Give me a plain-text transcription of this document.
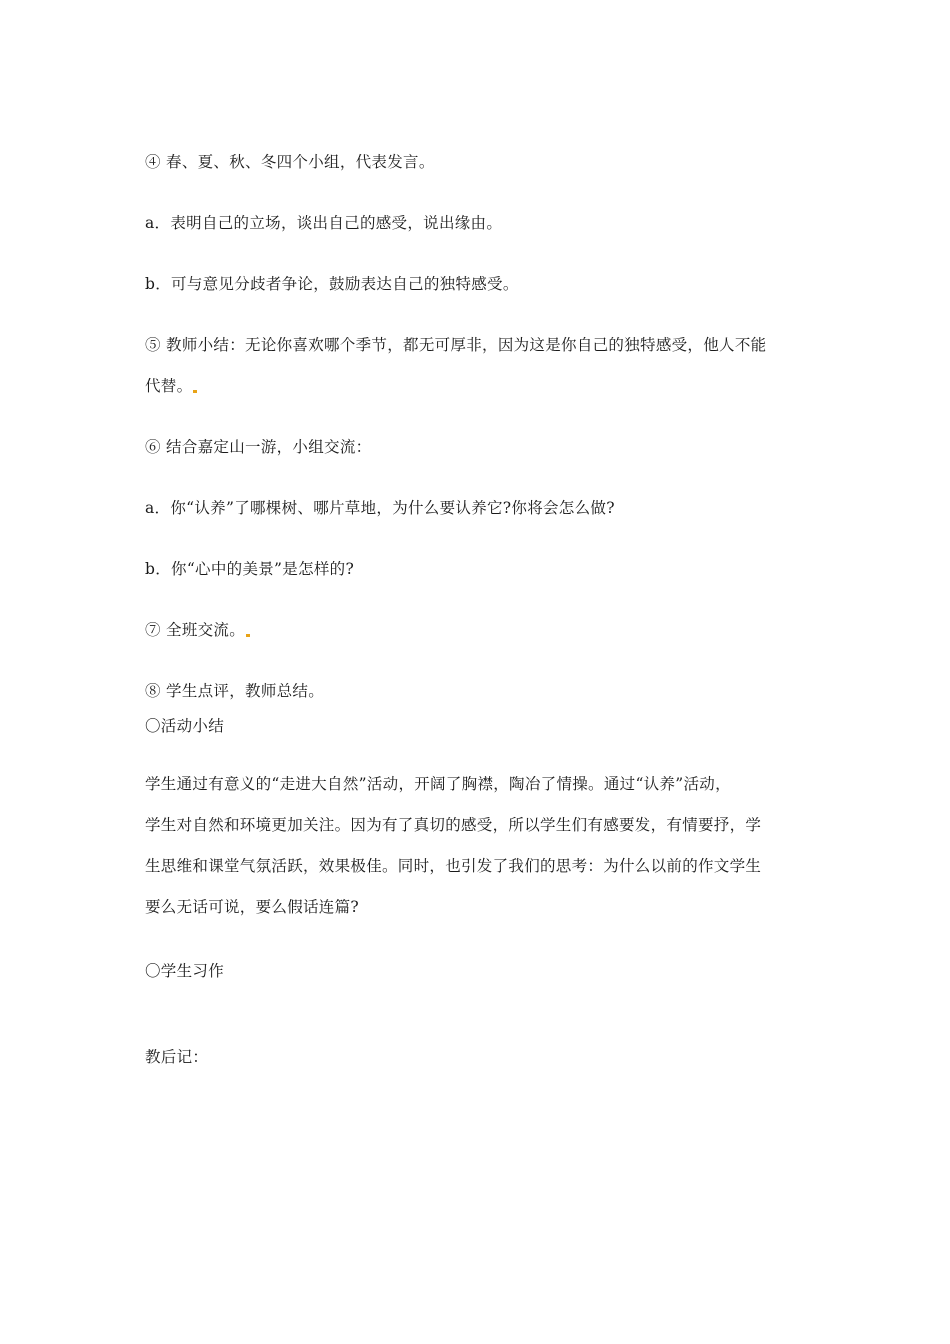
④ 春、夏、秋、冬四个小组，代表发言。
a．表明自己的立场，谈出自己的感受，说出缘由。
b．可与意见分歧者争论，鼓励表达自己的独特感受。
⑤ 教师小结：无论你喜欢哪个季节，都无可厚非，因为这是你自己的独特感受，他人不能
代替。
⑥ 结合嘉定山一游，小组交流：
a．你“认养”了哪棵树、哪片草地，为什么要认养它?你将会怎么做?
b．你“心中的美景”是怎样的?
⑦ 全班交流。
⑧ 学生点评，教师总结。
〇活动小结
学生通过有意义的“走进大自然”活动，开阔了胸襟，陶冶了情操。通过“认养”活动，
学生对自然和环境更加关注。因为有了真切的感受，所以学生们有感要发，有情要抒，学
生思维和课堂气氛活跃，效果极佳。同时，也引发了我们的思考：为什么以前的作文学生
要么无话可说，要么假话连篇?
〇学生习作
教后记：
